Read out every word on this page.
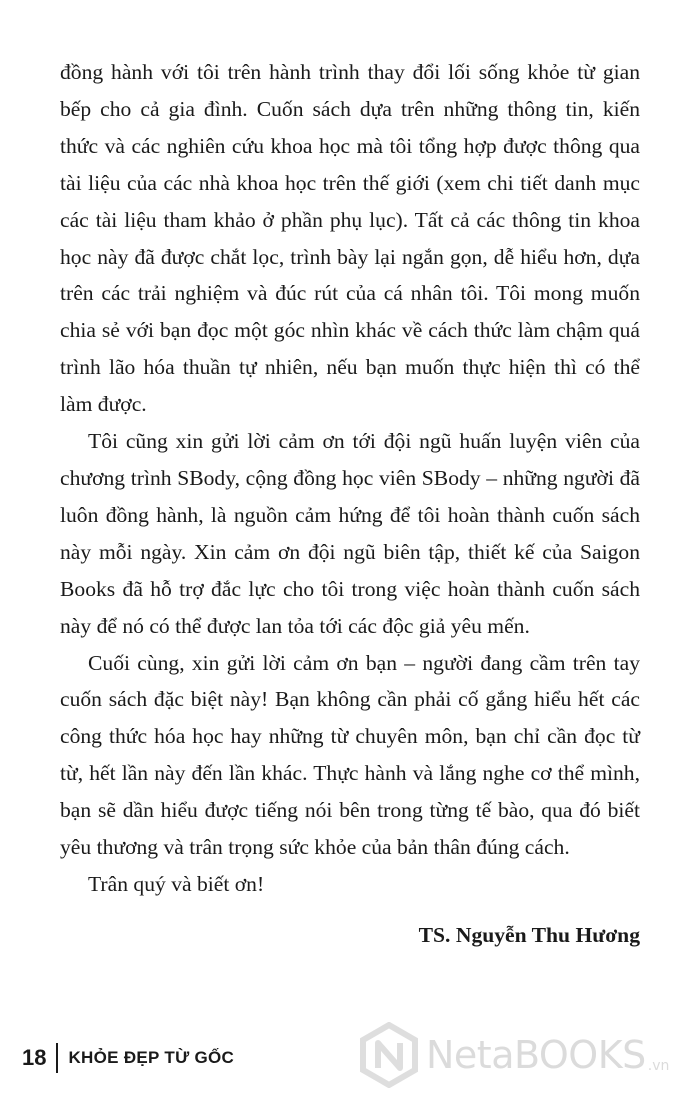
đồng hành với tôi trên hành trình thay đổi lối sống khỏe từ gian bếp cho cả gia đình. Cuốn sách dựa trên những thông tin, kiến thức và các nghiên cứu khoa học mà tôi tổng hợp được thông qua tài liệu của các nhà khoa học trên thế giới (xem chi tiết danh mục các tài liệu tham khảo ở phần phụ lục). Tất cả các thông tin khoa học này đã được chắt lọc, trình bày lại ngắn gọn, dễ hiểu hơn, dựa trên các trải nghiệm và đúc rút của cá nhân tôi. Tôi mong muốn chia sẻ với bạn đọc một góc nhìn khác về cách thức làm chậm quá trình lão hóa thuần tự nhiên, nếu bạn muốn thực hiện thì có thể làm được.

Tôi cũng xin gửi lời cảm ơn tới đội ngũ huấn luyện viên của chương trình SBody, cộng đồng học viên SBody – những người đã luôn đồng hành, là nguồn cảm hứng để tôi hoàn thành cuốn sách này mỗi ngày. Xin cảm ơn đội ngũ biên tập, thiết kế của Saigon Books đã hỗ trợ đắc lực cho tôi trong việc hoàn thành cuốn sách này để nó có thể được lan tỏa tới các độc giả yêu mến.

Cuối cùng, xin gửi lời cảm ơn bạn – người đang cầm trên tay cuốn sách đặc biệt này! Bạn không cần phải cố gắng hiểu hết các công thức hóa học hay những từ chuyên môn, bạn chỉ cần đọc từ từ, hết lần này đến lần khác. Thực hành và lắng nghe cơ thể mình, bạn sẽ dần hiểu được tiếng nói bên trong từng tế bào, qua đó biết yêu thương và trân trọng sức khỏe của bản thân đúng cách.

Trân quý và biết ơn!

TS. Nguyễn Thu Hương
18	KHỎE ĐẸP TỪ GỐC	NetaBOOKS .vn
